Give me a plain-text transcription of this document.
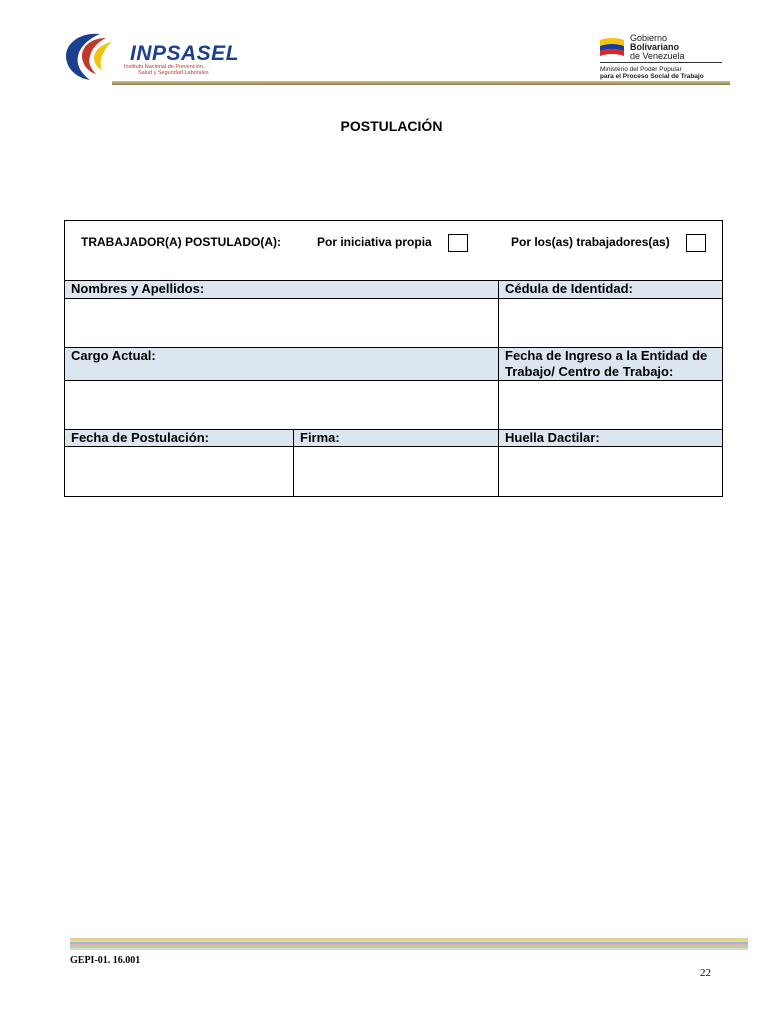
INPSASEL
Instituto Nacional de Prevención,
Salud y Seguridad Laborales
Gobierno
Bolivariano
de Venezuela
Ministerio del Poder Popular
para el Proceso Social de Trabajo
POSTULACIÓN
TRABAJADOR(A) POSTULADO(A): Por iniciativa propia Por los(as) trabajadores(as)		

Nombres y Apellidos:		Cédula de Identidad:

Cargo Actual:		Fecha de Ingreso a la Entidad de Trabajo/ Centro de Trabajo:

Fecha de Postulación:	Firma:	Huella Dactilar:

GEPI-01. 16.001
22
